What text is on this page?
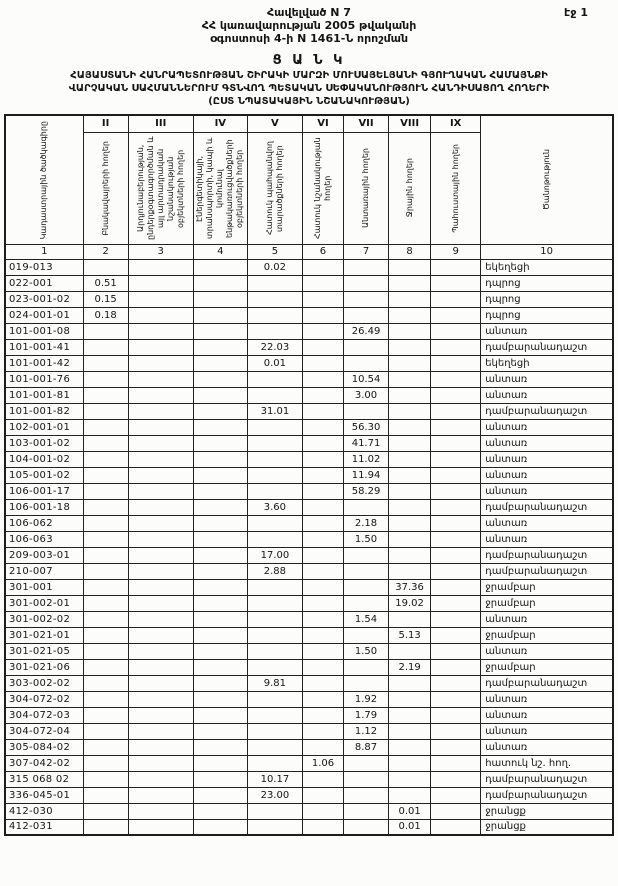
էջ 1
Հավելված N 7
ՀՀ կառավարության 2005 թվականի
օգոստոսի 4-ի N 1461-Ն որոշման
Ց Ա Ն Կ
ՀԱՅԱՍՏԱՆԻ ՀԱՆՐԱՊԵՏՈՒԹՅԱՆ ՇԻՐԱԿԻ ՄԱՐԶԻ ՄՈՒՍԱՅԵԼՅԱՆԻ ԳՅՈՒՂԱԿԱՆ ՀԱՄԱՅՆՔԻ
ՎԱՐՉԱԿԱՆ ՍԱՀՄԱՆՆԵՐՈՒՄ ԳՏՆՎՈՂ ՊԵՏԱԿԱՆ ՍԵՓԱԿԱՆՈՒԹՅՈՒՆ ՀԱՆԴԻՍԱՑՈՂ ՀՈՂԵՐԻ
(ԸՍՏ ՆՊԱՏԱԿԱՅԻՆ ՆՇԱՆԱԿՈՒԹՅԱՆ)
Կադաստրային ծածկագիրը	II	III	IV	V	VI	VII	VIII	IX	Ծանոթություն

	Բնակավայրերի հողեր	Արդյունաբերության, ընդերքօգտագործման և այլ արտադրական նշանակության օբյեկտների հողեր	Էներգետիկայի, տրանսպորտի, կապի և կոմունալ ենթակառուցվածքների օբյեկտների հողեր	Հատուկ պահպանվող տարածքների հողեր	Հատուկ նշանակության հողեր	Անտառային հողեր	Ջրային հողեր	Պահուստային հողեր	

1	2	3	4	5	6	7	8	9	10
019-013				0.02					եկեղեցի
022-001	0.51								դպրոց
023-001-02	0.15								դպրոց
024-001-01	0.18								դպրոց
101-001-08						26.49			անտառ
101-001-41				22.03					դամբարանադաշտ
101-001-42				0.01					եկեղեցի
101-001-76						10.54			անտառ
101-001-81						3.00			անտառ
101-001-82				31.01					դամբարանադաշտ
102-001-01						56.30			անտառ
103-001-02						41.71			անտառ
104-001-02						11.02			անտառ
105-001-02						11.94			անտառ
106-001-17						58.29			անտառ
106-001-18				3.60					դամբարանադաշտ
106-062						2.18			անտառ
106-063						1.50			անտառ
209-003-01				17.00					դամբարանադաշտ
210-007				2.88					դամբարանադաշտ
301-001							37.36		ջրամբար
301-002-01							19.02		ջրամբար
301-002-02						1.54			անտառ
301-021-01							5.13		ջրամբար
301-021-05						1.50			անտառ
301-021-06							2.19		ջրամբար
303-002-02				9.81					դամբարանադաշտ
304-072-02						1.92			անտառ
304-072-03						1.79			անտառ
304-072-04						1.12			անտառ
305-084-02						8.87			անտառ
307-042-02					1.06				հատուկ նշ. հող.
315 068 02				10.17					դամբարանադաշտ
336-045-01				23.00					դամբարանադաշտ
412-030							0.01		ջրանցք
412-031							0.01		ջրանցք
